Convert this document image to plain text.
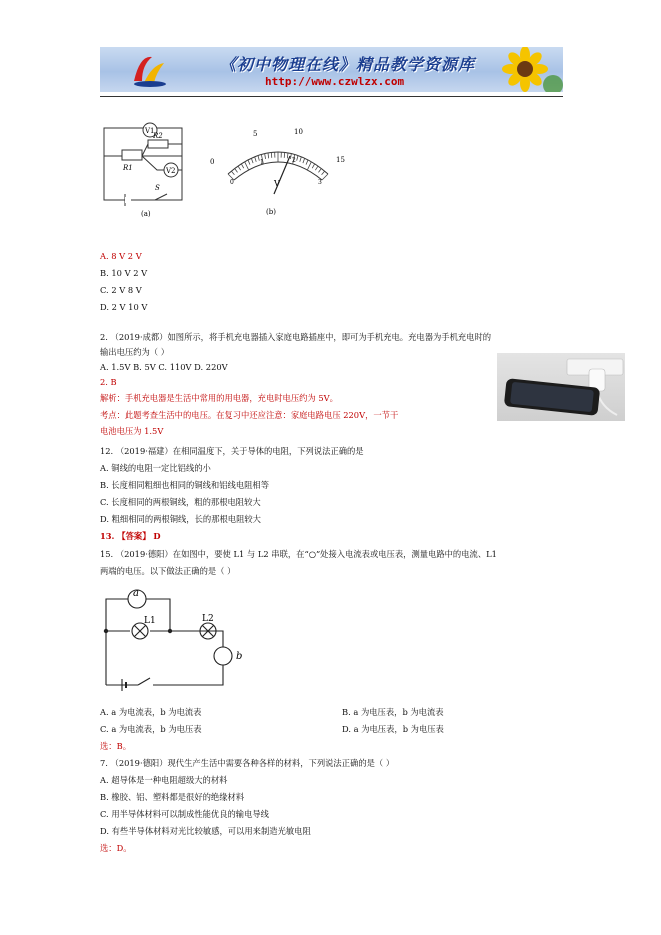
《初中物理在线》精品教学资源库
http://www.czwlzx.com
V1
V2
R1
R2
S
(a)
0
5	10
15
0
1	2
3
V
(b)
A. 8 V 2 V
B. 10 V 2 V
C. 2 V 8 V
D. 2 V 10 V
2. （2019·成都）如图所示，将手机充电器插入家庭电路插座中，即可为手机充电。充电器为手机充电时的
输出电压约为（ ）
A. 1.5V B. 5V C. 110V D. 220V
2. B
解析：手机充电器是生活中常用的用电器，充电时电压约为 5V。
考点：此题考查生活中的电压。在复习中还应注意：家庭电路电压 220V，一节干
电池电压为 1.5V
12. （2019·福建）在相同温度下，关于导体的电阻，下列说法正确的是
A. 铜线的电阻一定比铝线的小
B. 长度相同粗细也相同的铜线和铝线电阻相等
C. 长度相同的两根铜线，粗的那根电阻较大
D. 粗细相同的两根铜线，长的那根电阻较大
13. 【答案】 D
15. （2019·德阳）在如图中，要使 L1 与 L2 串联，在“○”处接入电流表或电压表，测量电路中的电流、L1
两端的电压。以下做法正确的是（ ）
a
L1	L2
b
A. a 为电流表，b 为电流表	B. a 为电压表，b 为电流表
C. a 为电流表，b 为电压表	D. a 为电压表，b 为电压表
选：B。
7. （2019·德阳）现代生产生活中需要各种各样的材料，下列说法正确的是（ ）
A. 超导体是一种电阻超级大的材料
B. 橡胶、铝、塑料都是很好的绝缘材料
C. 用半导体材料可以制成性能优良的输电导线
D. 有些半导体材料对光比较敏感，可以用来制造光敏电阻
选：D。
